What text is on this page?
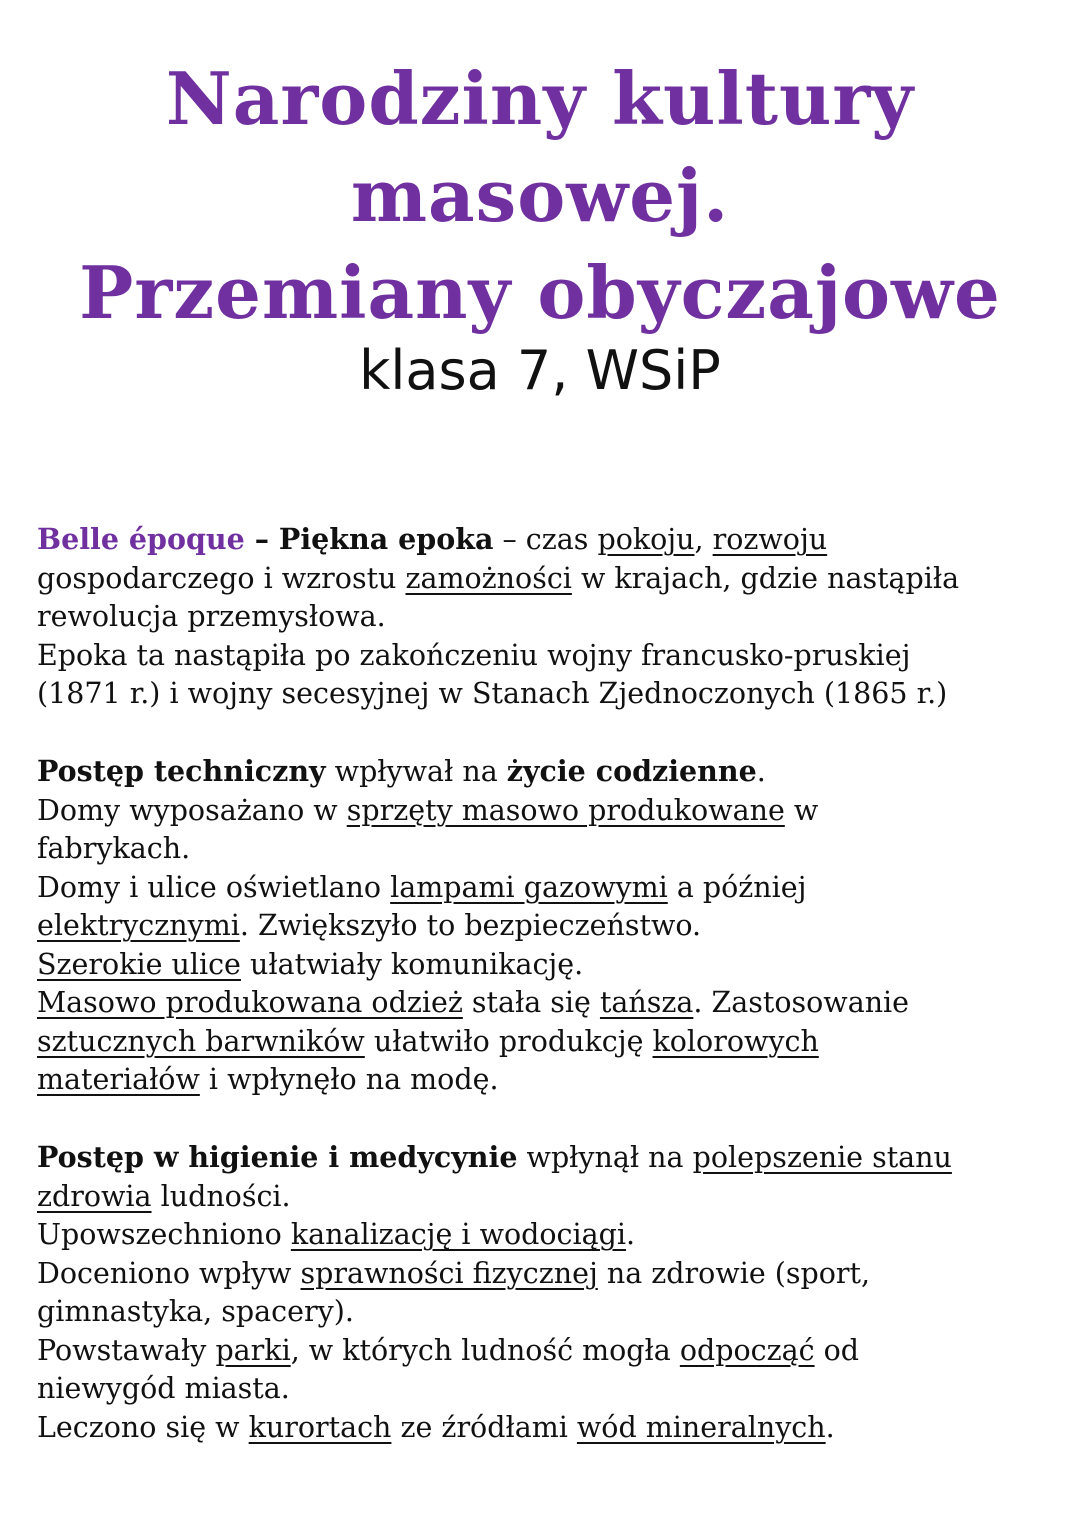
Narodziny kultury
masowej.
Przemiany obyczajowe
klasa 7, WSiP

Belle époque – Piękna epoka – czas pokoju, rozwoju
gospodarczego i wzrostu zamożności w krajach, gdzie nastąpiła
rewolucja przemysłowa.
Epoka ta nastąpiła po zakończeniu wojny francusko-pruskiej
(1871 r.) i wojny secesyjnej w Stanach Zjednoczonych (1865 r.)

Postęp techniczny wpływał na życie codzienne.
Domy wyposażano w sprzęty masowo produkowane w
fabrykach.
Domy i ulice oświetlano lampami gazowymi a później
elektrycznymi. Zwiększyło to bezpieczeństwo.
Szerokie ulice ułatwiały komunikację.
Masowo produkowana odzież stała się tańsza. Zastosowanie
sztucznych barwników ułatwiło produkcję kolorowych
materiałów i wpłynęło na modę.

Postęp w higienie i medycynie wpłynął na polepszenie stanu
zdrowia ludności.
Upowszechniono kanalizację i wodociągi.
Doceniono wpływ sprawności fizycznej na zdrowie (sport,
gimnastyka, spacery).
Powstawały parki, w których ludność mogła odpocząć od
niewygód miasta.
Leczono się w kurortach ze źródłami wód mineralnych.
